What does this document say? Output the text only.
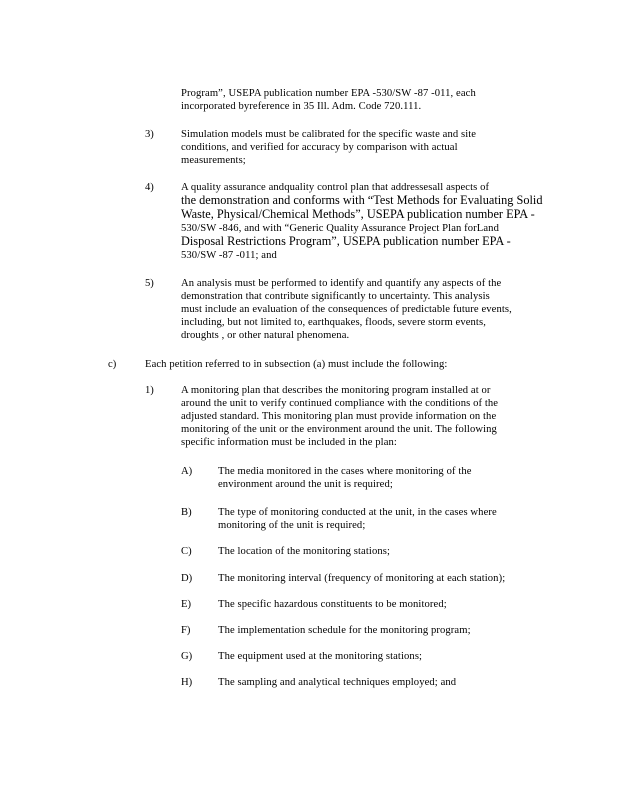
Program”, USEPA publication number EPA -530/SW -87 -011, each
incorporated byreference in 35 Ill. Adm. Code 720.111.
3)	Simulation models must be calibrated for the specific waste and site
conditions, and verified for accuracy by comparison with actual
measurements;
4)	A quality assurance andquality control plan that addressesall aspects of
the demonstration and conforms with “Test Methods for Evaluating Solid
Waste, Physical/Chemical Methods”, USEPA publication number EPA -
530/SW -846, and with “Generic Quality Assurance Project Plan forLand
Disposal Restrictions Program”, USEPA publication number EPA -
530/SW -87 -011; and
5)	An analysis must be performed to identify and quantify any aspects of the
demonstration that contribute significantly to uncertainty. This analysis
must include an evaluation of the consequences of predictable future events,
including, but not limited to, earthquakes, floods, severe storm events,
droughts , or other natural phenomena.
c)	Each petition referred to in subsection (a) must include the following:
1)	A monitoring plan that describes the monitoring program installed at or
around the unit to verify continued compliance with the conditions of the
adjusted standard. This monitoring plan must provide information on the
monitoring of the unit or the environment around the unit. The following
specific information must be included in the plan:
A) The media monitored in the cases where monitoring of the
environment around the unit is required;
B) The type of monitoring conducted at the unit, in the cases where
monitoring of the unit is required;
C) The location of the monitoring stations;
D) The monitoring interval (frequency of monitoring at each station);
E)	The specific hazardous constituents to be monitored;
F)	The implementation schedule for the monitoring program;
G) The equipment used at the monitoring stations;
H) The sampling and analytical techniques employed; and
